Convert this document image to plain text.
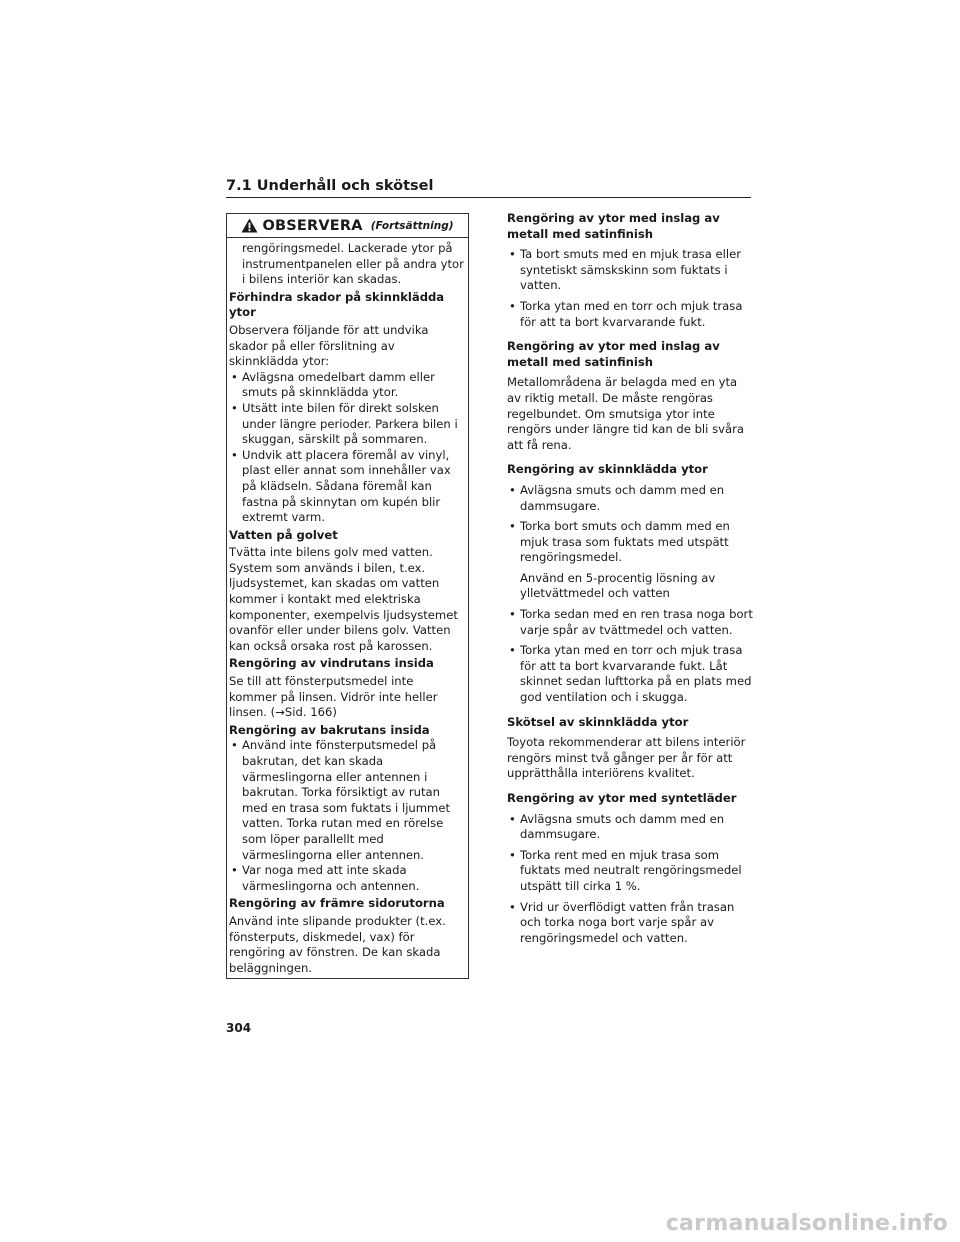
7.1 Underhåll och skötsel
OBSERVERA (Fortsättning)

rengöringsmedel. Lackerade ytor på instrumentpanelen eller på andra ytor i bilens interiör kan skadas.

Förhindra skador på skinnklädda ytor

Observera följande för att undvika skador på eller förslitning av skinnklädda ytor:

• Avlägsna omedelbart damm eller smuts på skinnklädda ytor.
• Utsätt inte bilen för direkt solsken under längre perioder. Parkera bilen i skuggan, särskilt på sommaren.
• Undvik att placera föremål av vinyl, plast eller annat som innehåller vax på klädseln. Sådana föremål kan fastna på skinnytan om kupén blir extremt varm.

Vatten på golvet

Tvätta inte bilens golv med vatten. System som används i bilen, t.ex. ljudsystemet, kan skadas om vatten kommer i kontakt med elektriska komponenter, exempelvis ljudsystemet ovanför eller under bilens golv. Vatten kan också orsaka rost på karossen.

Rengöring av vindrutans insida

Se till att fönsterputsmedel inte kommer på linsen. Vidrör inte heller linsen. (→Sid. 166)

Rengöring av bakrutans insida

• Använd inte fönsterputsmedel på bakrutan, det kan skada värmeslingorna eller antennen i bakrutan. Torka försiktigt av rutan med en trasa som fuktats i ljummet vatten. Torka rutan med en rörelse som löper parallellt med värmeslingorna eller antennen.
• Var noga med att inte skada värmeslingorna och antennen.

Rengöring av främre sidorutorna

Använd inte slipande produkter (t.ex. fönsterputs, diskmedel, vax) för rengöring av fönstren. De kan skada beläggningen.

Rengöring av ytor med inslag av metall med satinfinish

• Ta bort smuts med en mjuk trasa eller syntetiskt sämskskinn som fuktats i vatten.
• Torka ytan med en torr och mjuk trasa för att ta bort kvarvarande fukt.

Rengöring av ytor med inslag av metall med satinfinish

Metallområdena är belagda med en yta av riktig metall. De måste rengöras regelbundet. Om smutsiga ytor inte rengörs under längre tid kan de bli svåra att få rena.

Rengöring av skinnklädda ytor

• Avlägsna smuts och damm med en dammsugare.
• Torka bort smuts och damm med en mjuk trasa som fuktats med utspätt rengöringsmedel.

Använd en 5-procentig lösning av ylletvättmedel och vatten

• Torka sedan med en ren trasa noga bort varje spår av tvättmedel och vatten.
• Torka ytan med en torr och mjuk trasa för att ta bort kvarvarande fukt. Låt skinnet sedan lufttorka på en plats med god ventilation och i skugga.

Skötsel av skinnklädda ytor

Toyota rekommenderar att bilens interiör rengörs minst två gånger per år för att upprätthålla interiörens kvalitet.

Rengöring av ytor med syntetläder

• Avlägsna smuts och damm med en dammsugare.
• Torka rent med en mjuk trasa som fuktats med neutralt rengöringsmedel utspätt till cirka 1 %.
• Vrid ur överflödigt vatten från trasan och torka noga bort varje spår av rengöringsmedel och vatten.
304
carmanualsonline.info
